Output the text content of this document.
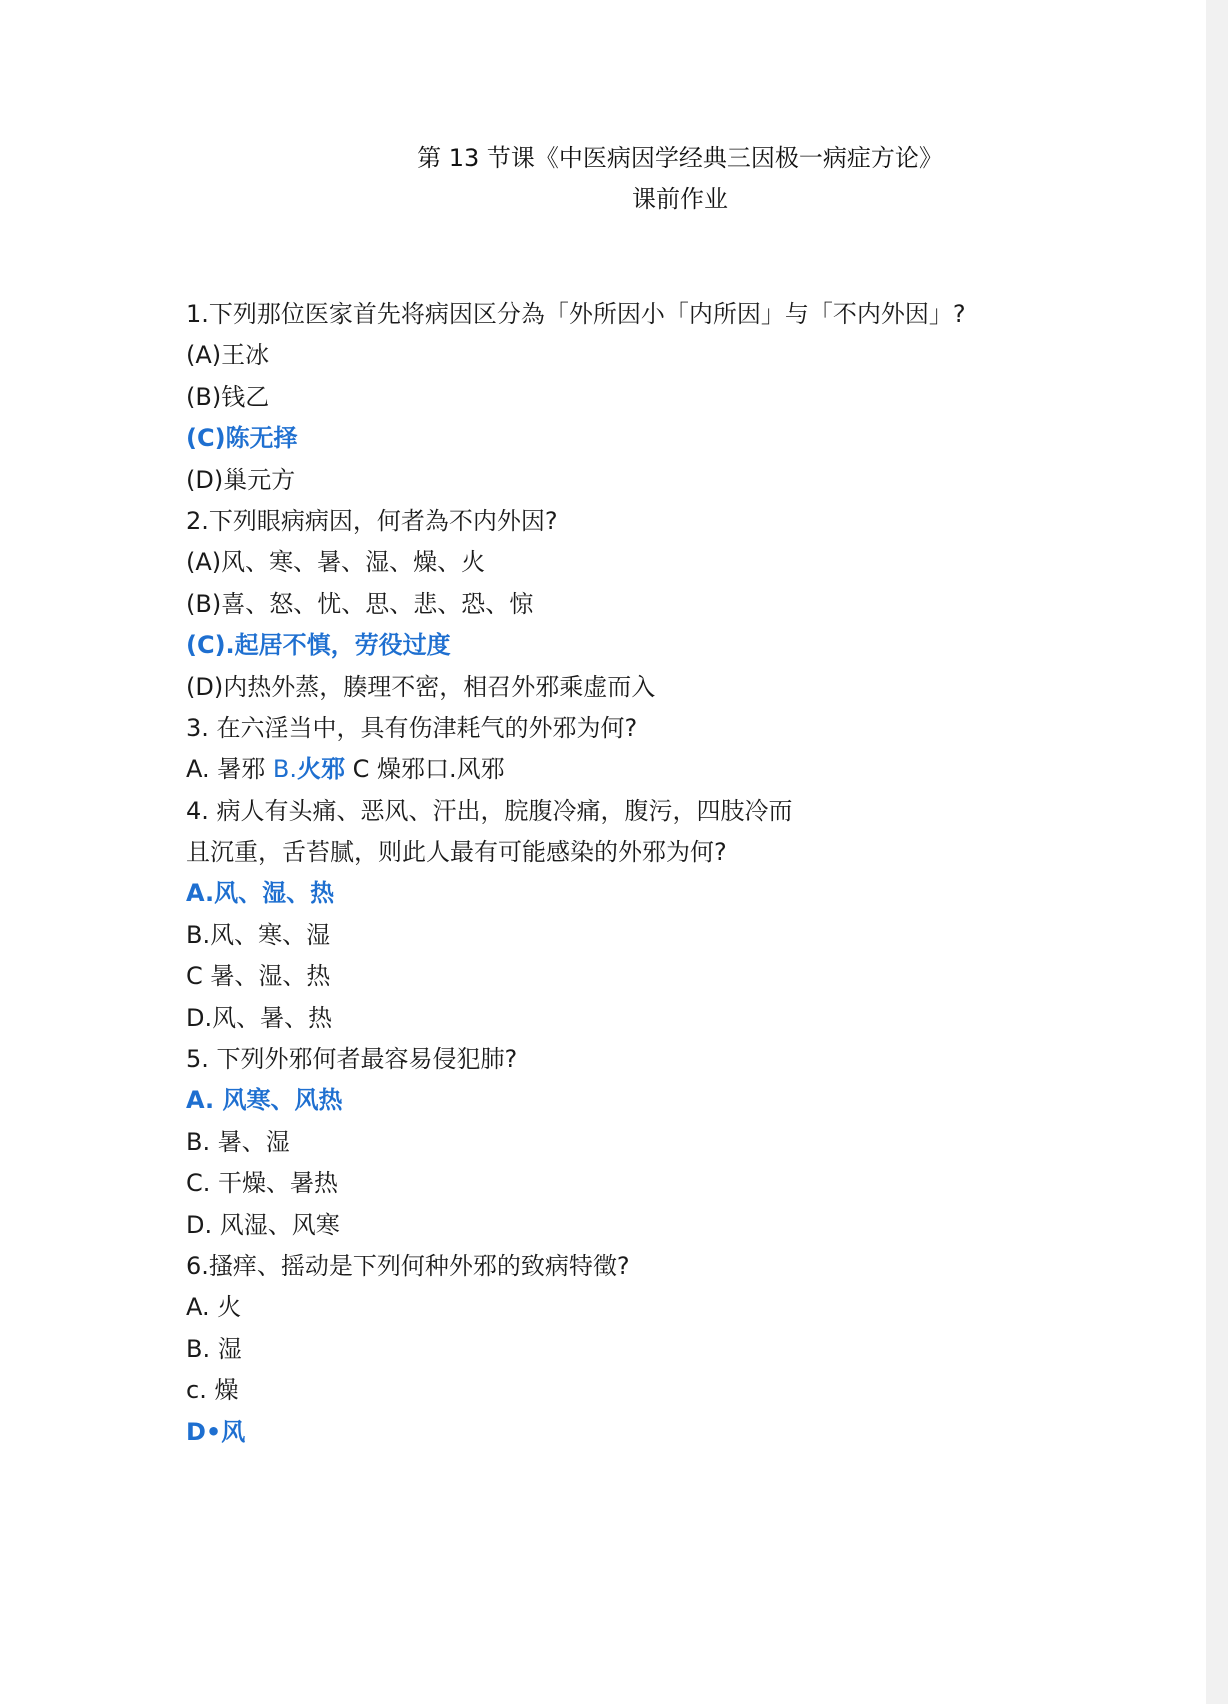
第 13 节课《中医病因学经典三因极一病症方论》
课前作业
1.下列那位医家首先将病因区分為「外所因小「内所因」与「不内外因」?
(A)王冰
(B)钱乙
(C)陈无择
(D)巢元方
2.下列眼病病因，何者為不内外因?
(A)风、寒、暑、湿、燥、火
(B)喜、怒、忧、思、悲、恐、惊
(C).起居不慎，劳役过度
(D)内热外蒸，腠理不密，相召外邪乘虚而入
3. 在六淫当中，具有伤津耗气的外邪为何?
A. 暑邪 B.火邪 C 燥邪口.风邪
4. 病人有头痛、恶风、汗出，脘腹冷痛，腹污，四肢冷而
且沉重，舌苔腻，则此人最有可能感染的外邪为何?
A.风、湿、热
B.风、寒、湿
C 暑、湿、热
D.风、暑、热
5. 下列外邪何者最容易侵犯肺?
A. 风寒、风热
B. 暑、湿
C. 干燥、暑热
D. 风湿、风寒
6.搔痒、摇动是下列何种外邪的致病特徵?
A. 火
B. 湿
c. 燥
D•风
